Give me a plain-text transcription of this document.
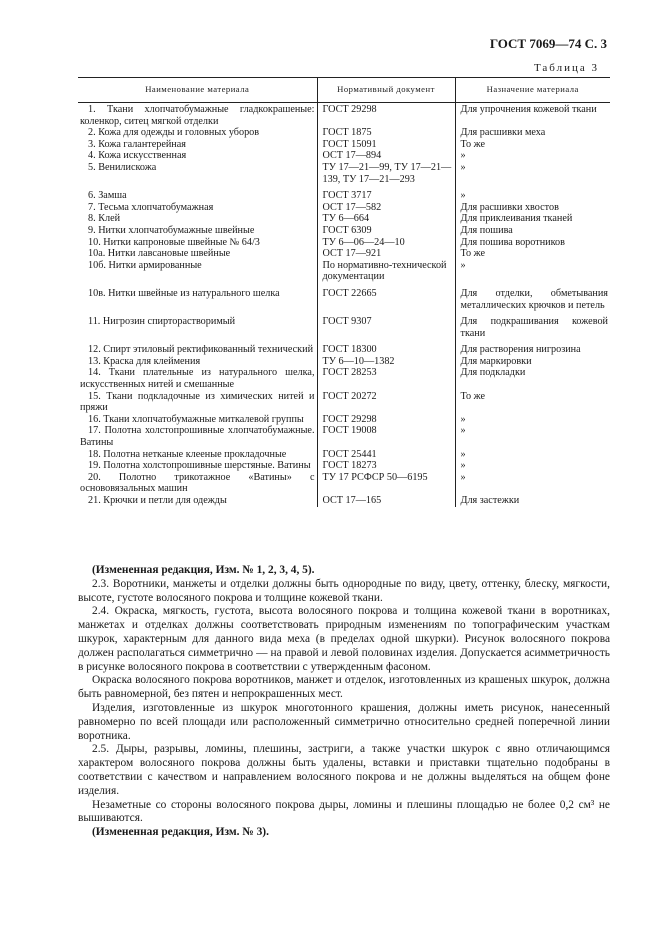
ГОСТ 7069—74 С. 3
Таблица 3
Наименование материала	Нормативный документ	Назначение материала
1. Ткани хлопчатобумажные гладкокрашеные: коленкор, ситец мягкой отделки	ГОСТ 29298	Для упрочнения кожевой ткани
2. Кожа для одежды и головных уборов	ГОСТ 1875	Для расшивки меха
3. Кожа галантерейная	ГОСТ 15091	То же
4. Кожа искусственная	ОСТ 17—894	»
5. Венилискожа	ТУ 17—21—99, ТУ 17—21—139, ТУ 17—21—293	»

6. Замша	ГОСТ 3717	»
7. Тесьма хлопчатобумажная	ОСТ 17—582	Для расшивки хвостов
8. Клей	ТУ 6—664	Для приклеивания тканей
9. Нитки хлопчатобумажные швейные	ГОСТ 6309	Для пошива
10. Нитки капроновые швейные № 64/3	ТУ 6—06—24—10	Для пошива воротников
10а. Нитки лавсановые швейные	ОСТ 17—921	То же
10б. Нитки армированные	По нормативно-технической документации	»

10в. Нитки швейные из натурального шелка	ГОСТ 22665	Для отделки, обметывания металлических крючков и петель

11. Нигрозин спирторастворимый	ГОСТ 9307	Для подкрашивания кожевой ткани

12. Спирт этиловый ректификованный технический	ГОСТ 18300	Для растворения нигрозина
13. Краска для клеймения	ТУ 6—10—1382	Для маркировки
14. Ткани плательные из натурального шелка, искусственных нитей и смешанные	ГОСТ 28253	Для подкладки
15. Ткани подкладочные из химических нитей и пряжи	ГОСТ 20272	То же
16. Ткани хлопчатобумажные миткалевой группы	ГОСТ 29298	»
17. Полотна холстопрошивные хлопчатобумажные. Ватины	ГОСТ 19008	»
18. Полотна нетканые клееные прокладочные	ГОСТ 25441	»
19. Полотна холстопрошивные шерстяные. Ватины	ГОСТ 18273	»
20. Полотно трикотажное «Ватины» с основовязальных машин	ТУ 17 РСФСР 50—6195	»
21. Крючки и петли для одежды	ОСТ 17—165	Для застежки

(Измененная редакция, Изм. № 1, 2, 3, 4, 5).

2.3. Воротники, манжеты и отделки должны быть однородные по виду, цвету, оттенку, блеску, мягкости, высоте, густоте волосяного покрова и толщине кожевой ткани.

2.4. Окраска, мягкость, густота, высота волосяного покрова и толщина кожевой ткани в воротниках, манжетах и отделках должны соответствовать природным изменениям по топографическим участкам шкурок, характерным для данного вида меха (в пределах одной шкурки). Рисунок волосяного покрова должен располагаться симметрично — на правой и левой половинах изделия. Допускается асимметричность в рисунке волосяного покрова в соответствии с утвержденным фасоном.

Окраска волосяного покрова воротников, манжет и отделок, изготовленных из крашеных шкурок, должна быть равномерной, без пятен и непрокрашенных мест.

Изделия, изготовленные из шкурок многотонного крашения, должны иметь рисунок, нанесенный равномерно по всей площади или расположенный симметрично относительно средней поперечной линии воротника.

2.5. Дыры, разрывы, ломины, плешины, застриги, а также участки шкурок с явно отличающимся характером волосяного покрова должны быть удалены, вставки и приставки тщательно подобраны в соответствии с качеством и направлением волосяного покрова и не должны выделяться на общем фоне изделия.

Незаметные со стороны волосяного покрова дыры, ломины и плешины площадью не более 0,2 см³ не вышиваются.

(Измененная редакция, Изм. № 3).
